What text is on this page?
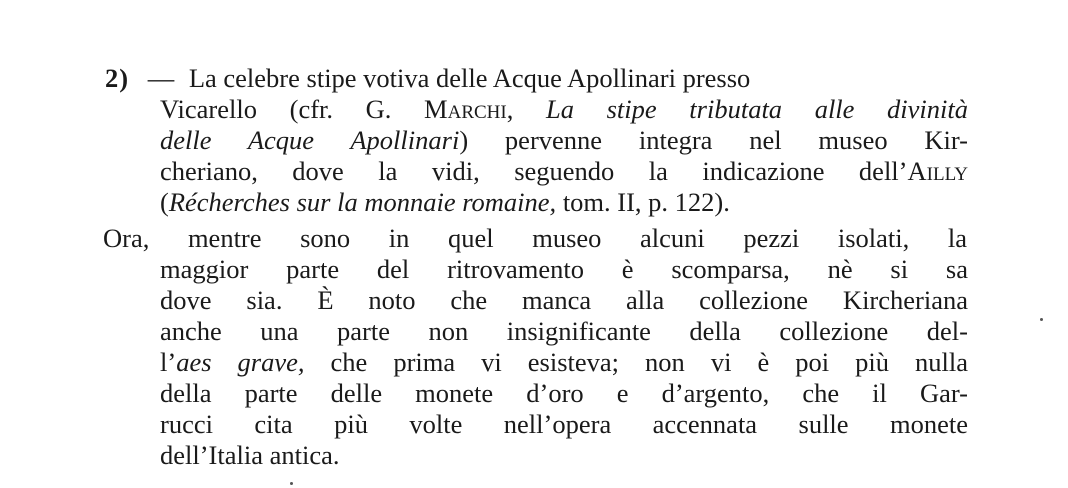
2) — La celebre stipe votiva delle Acque Apollinari presso
Vicarello (cfr. G. Marchi, La stipe tributata alle divinità
delle Acque Apollinari) pervenne integra nel museo Kir-
cheriano, dove la vidi, seguendo la indicazione dell’Ailly
(Récherches sur la monnaie romaine, tom. II, p. 122).
Ora, mentre sono in quel museo alcuni pezzi isolati, la
maggior parte del ritrovamento è scomparsa, nè si sa
dove sia. È noto che manca alla collezione Kircheriana
anche una parte non insignificante della collezione del-
l’aes grave, che prima vi esisteva; non vi è poi più nulla
della parte delle monete d’oro e d’argento, che il Gar-
rucci cita più volte nell’opera accennata sulle monete
dell’Italia antica.
